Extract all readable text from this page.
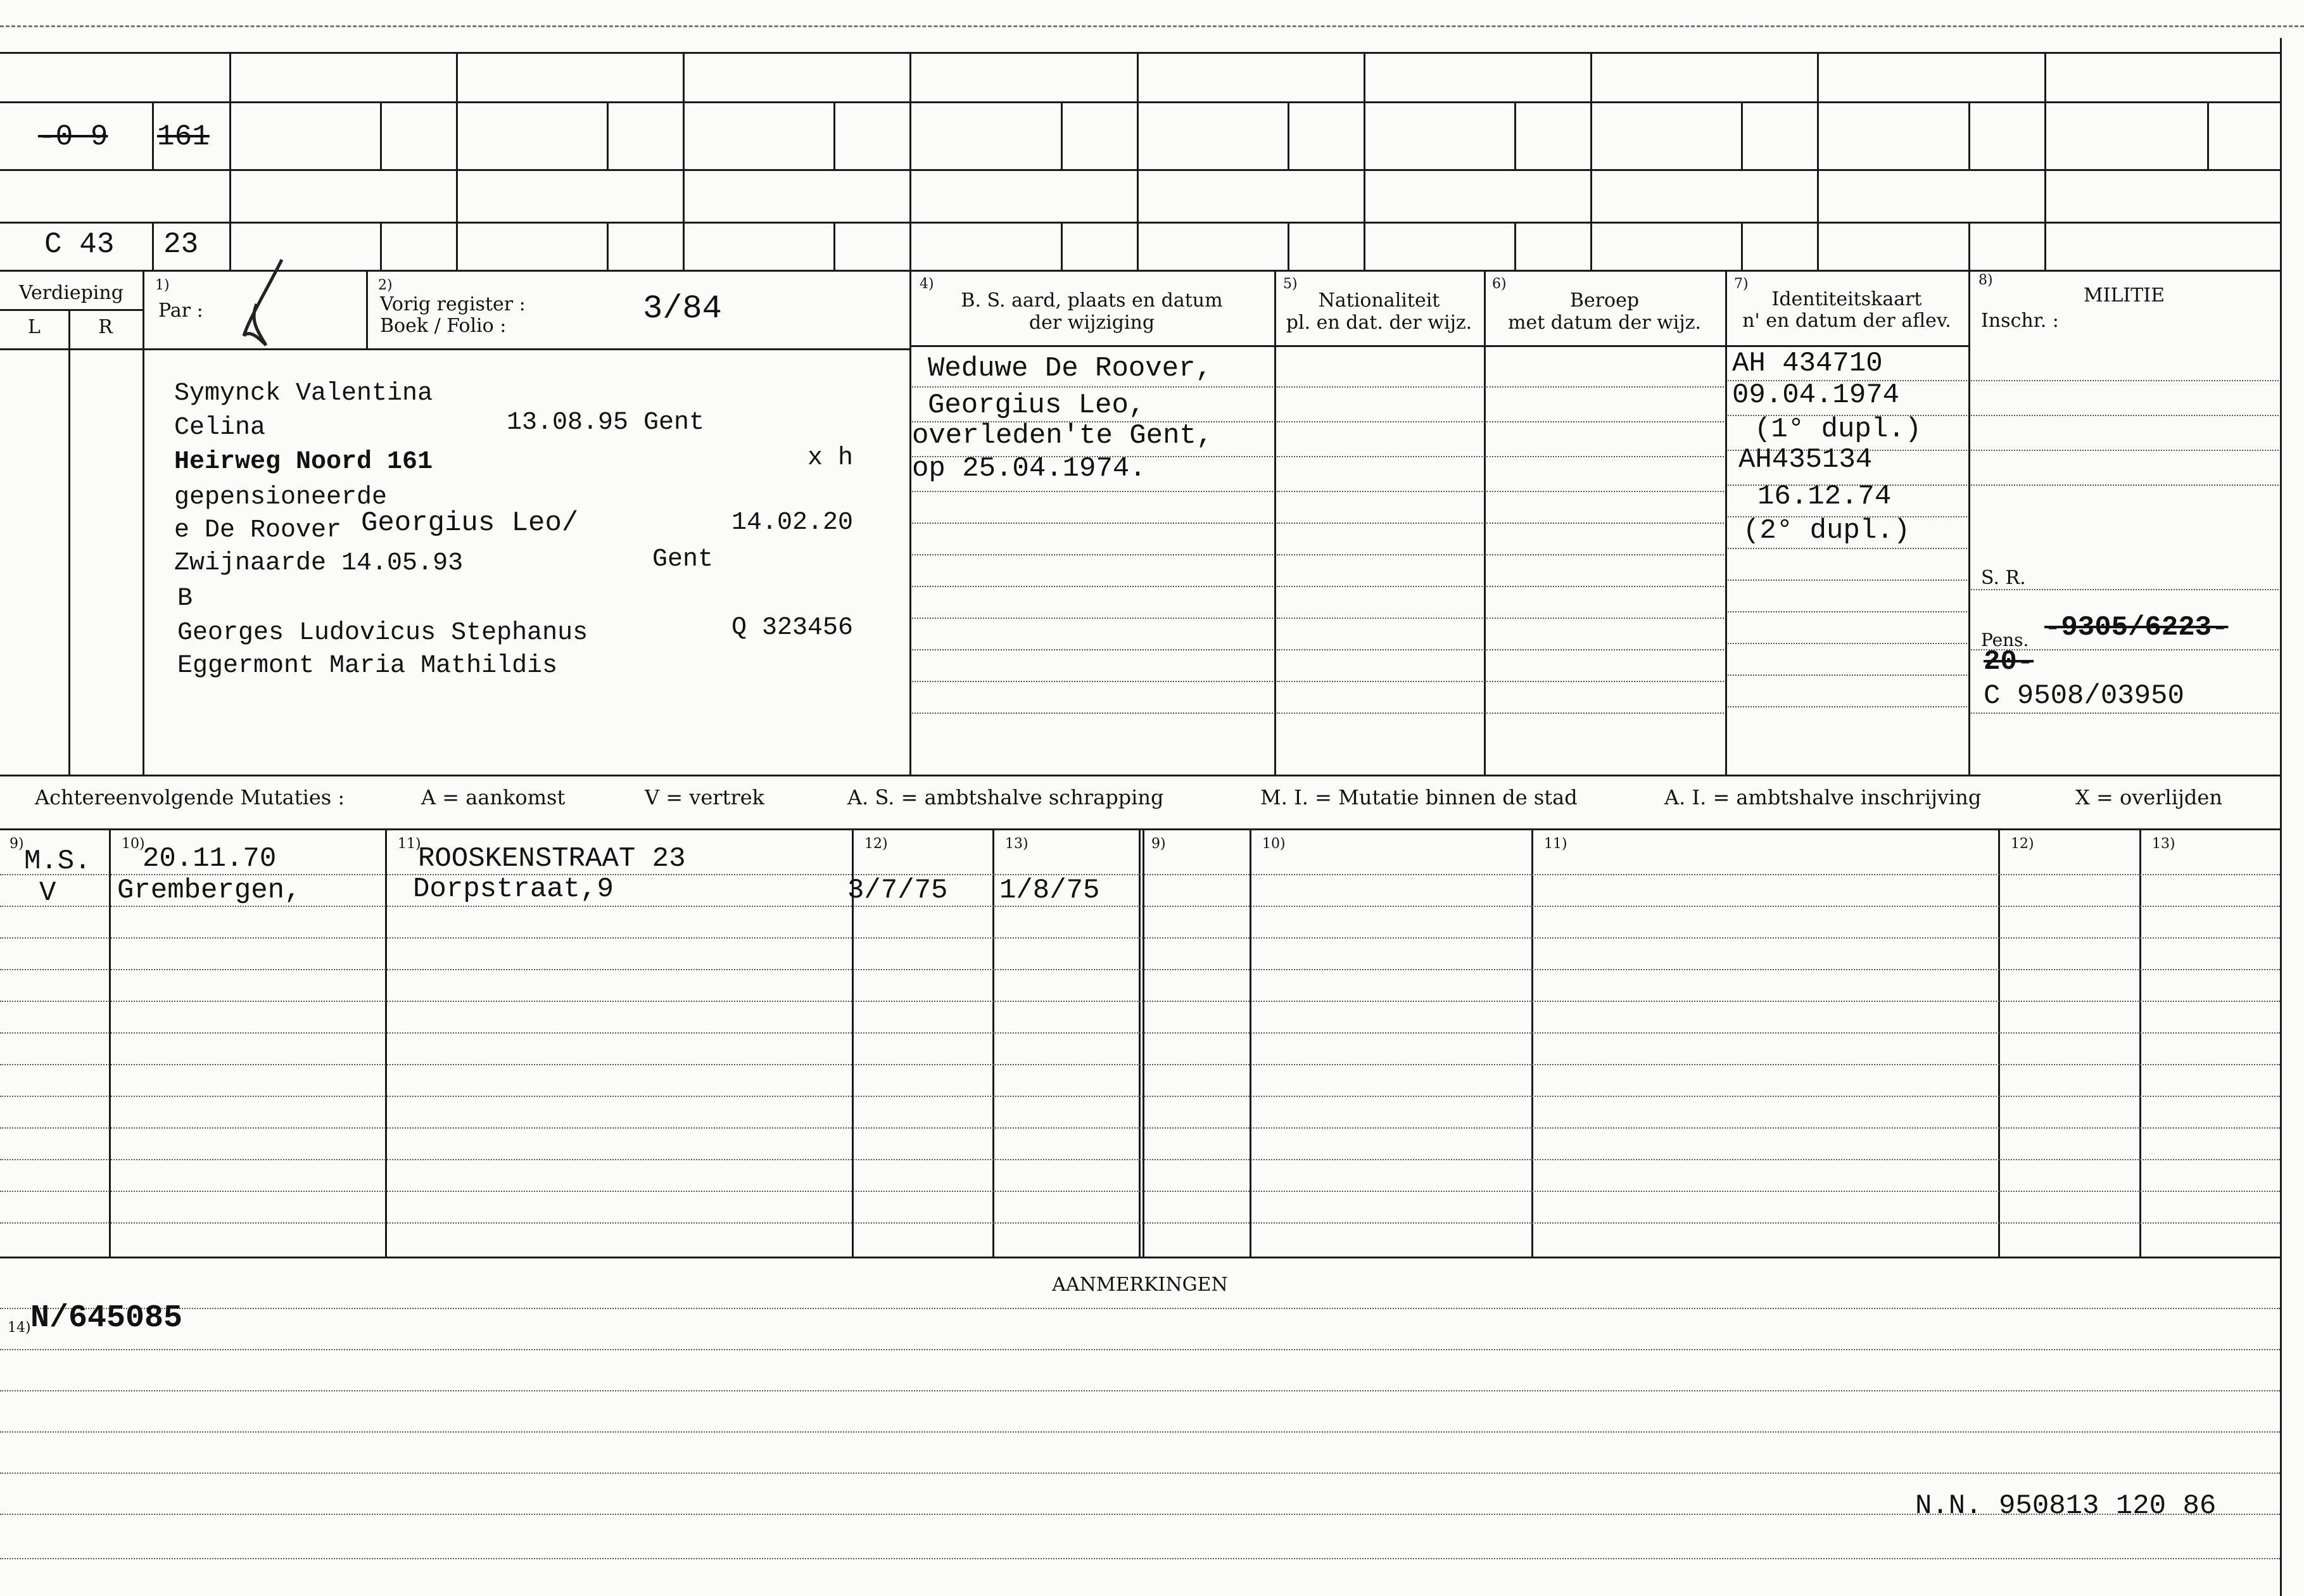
-0 9 161
C 43 23
Verdieping
L	R
1)
Par :
2)
Vorig register :
Boek / Folio :	3/84
4)
B. S. aard, plaats en datum
der wijziging
5)
Nationaliteit
pl. en dat. der wijz.
6)
Beroep
met datum der wijz.
7)
Identiteitskaart
n' en datum der aflev.
8)
MILITIE
Inschr. :
Symynck Valentina
Celina	13.08.95 Gent
Heirweg Noord 161	x h
gepensioneerde
e De Roover Georgius Leo/	14.02.20
Zwijnaarde 14.05.93	Gent
B
Georges Ludovicus Stephanus	Q 323456
Eggermont Maria Mathildis
Weduwe De Roover,
Georgius Leo,
overleden'te Gent,
op 25.04.1974.
AH 434710
09.04.1974
(1° dupl.)
AH435134
16.12.74
(2° dupl.)
S. R.
Pens. -9305/6223-
20-
C 9508/03950
Achtereenvolgende Mutaties :	A = aankomst	V = vertrek	A. S. = ambtshalve schrapping	M. I. = Mutatie binnen de stad	A. I. = ambtshalve inschrijving	X = overlijden
9)	10)	11)	12)	13)	9)	10)	11)	12)	13)
M.S. 20.11.70	ROOSKENSTRAAT 23
V Grembergen,	Dorpstraat,9	3/7/75 1/8/75
AANMERKINGEN
14) N/645085
N.N. 950813 120 86
